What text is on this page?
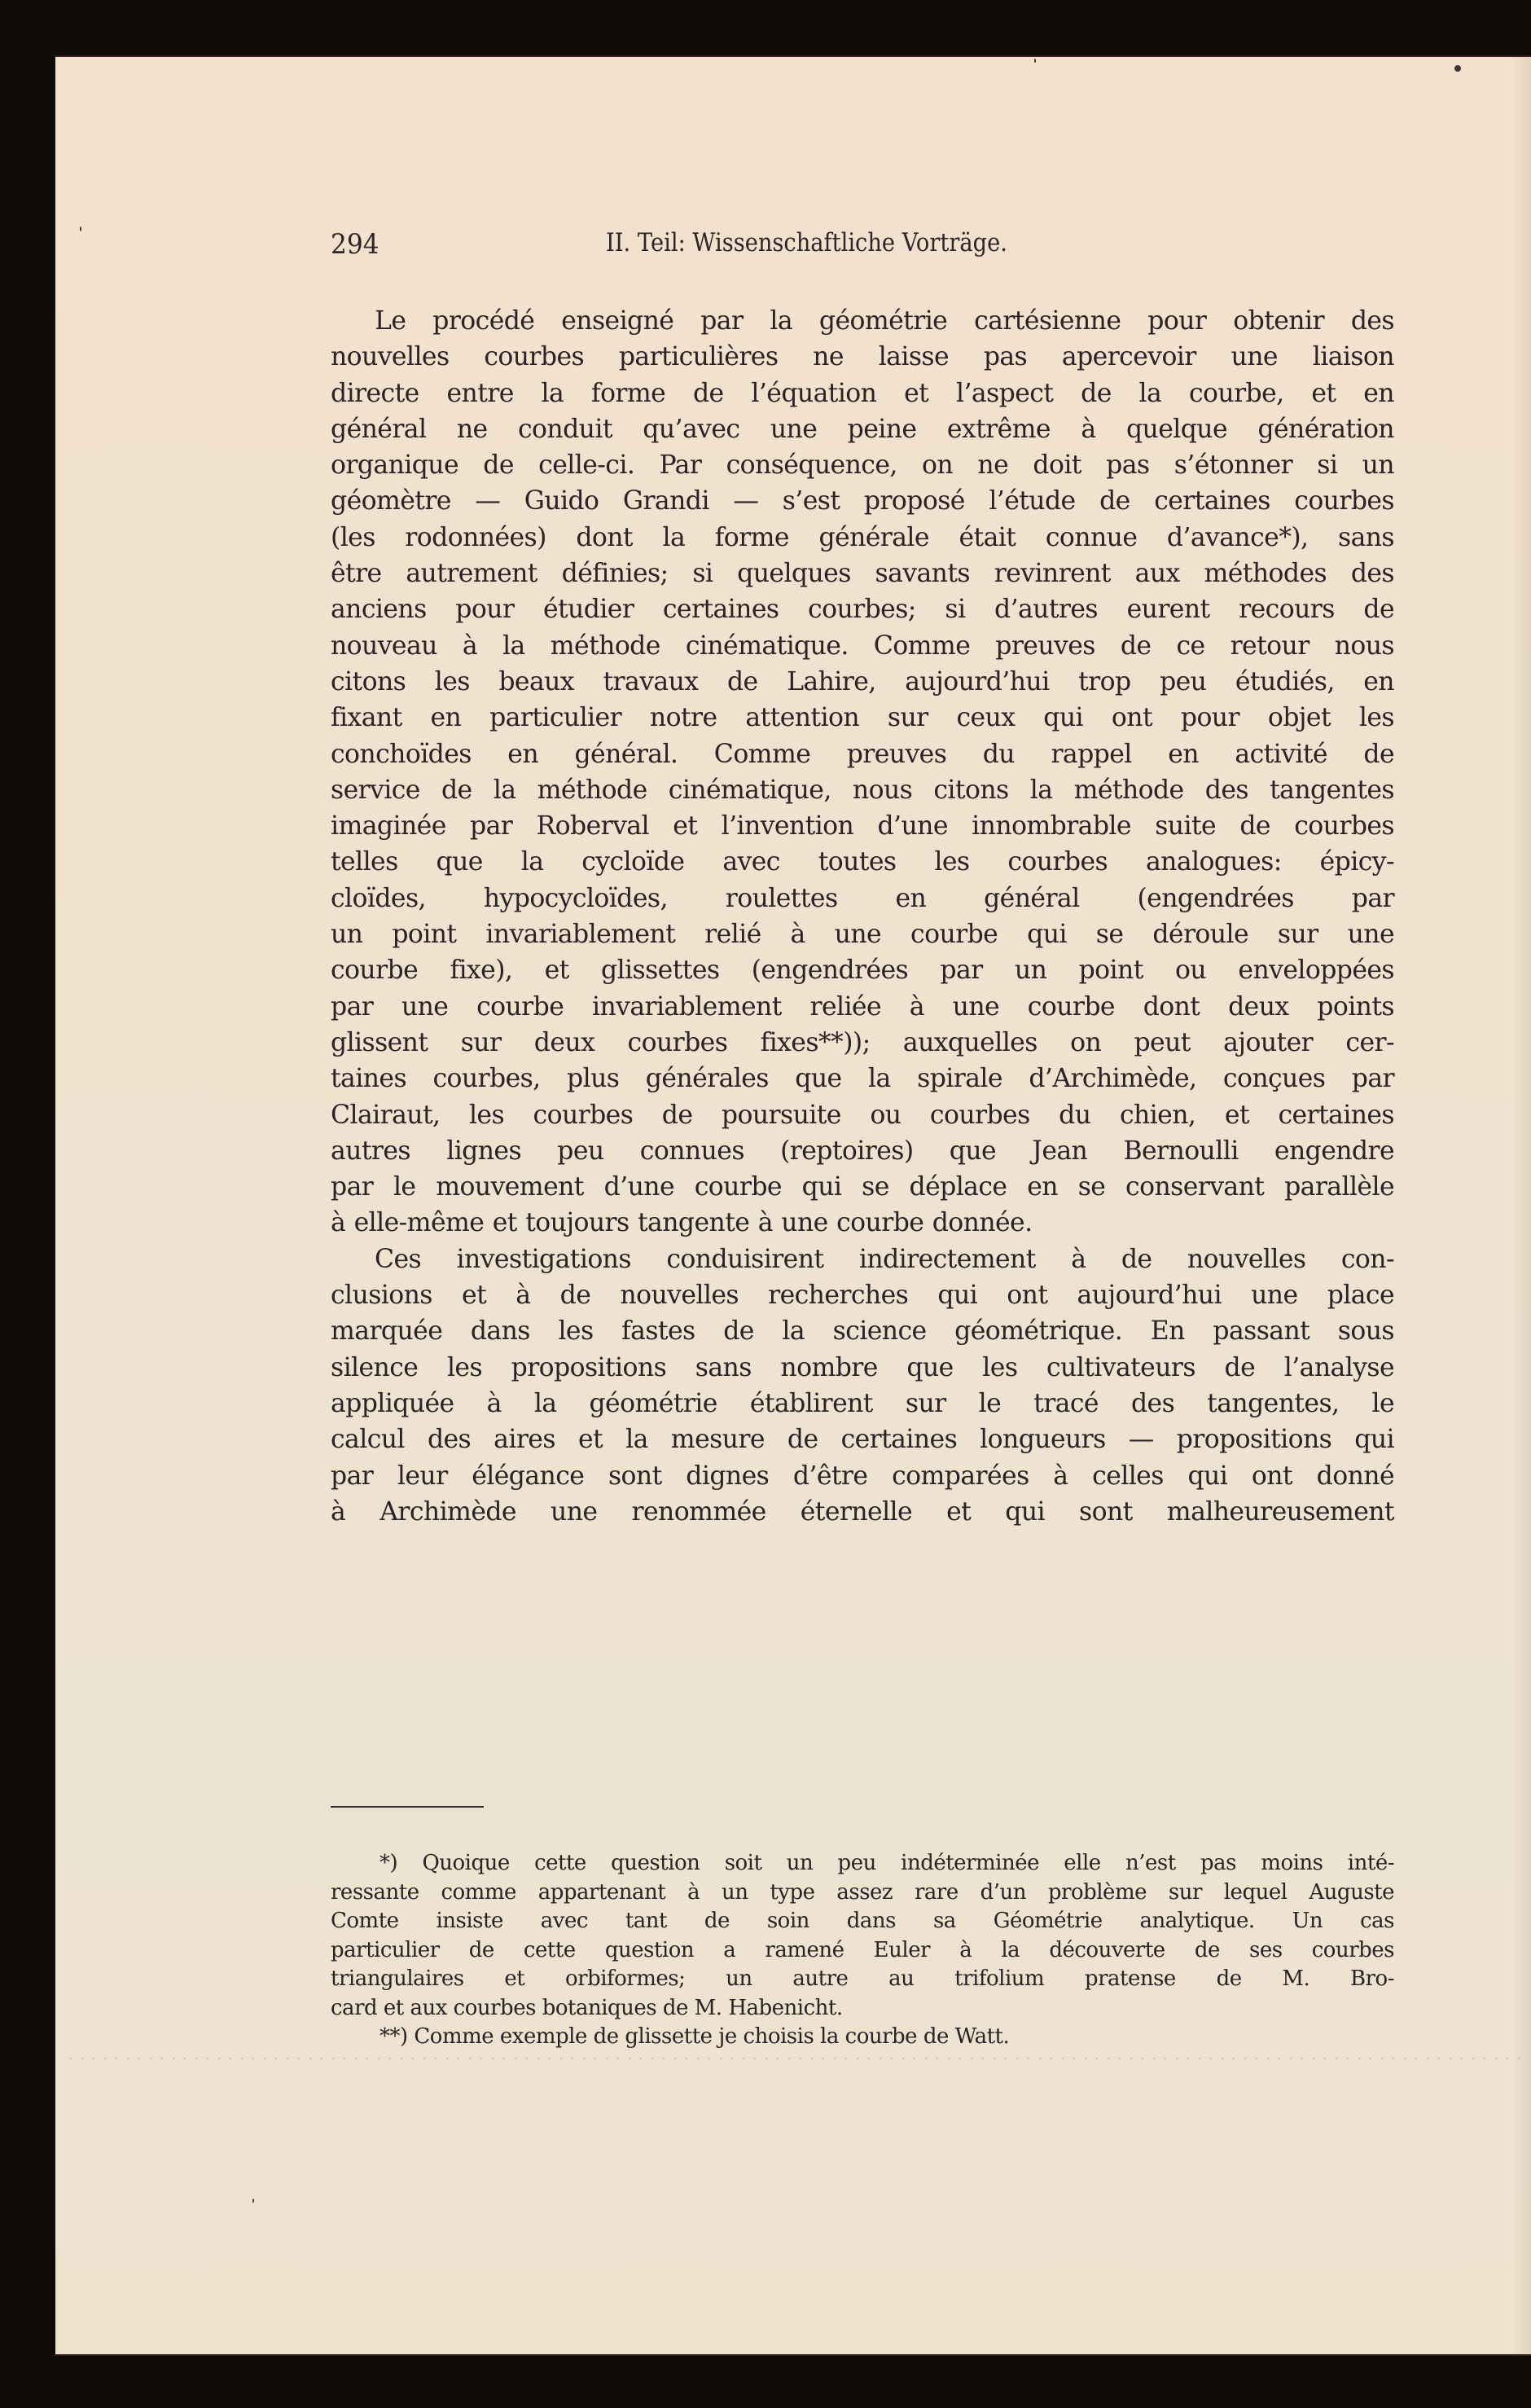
294	II. Teil: Wissenschaftliche Vorträge.
Le procédé enseigné par la géométrie cartésienne pour obtenir des
nouvelles courbes particulières ne laisse pas apercevoir une liaison
directe entre la forme de l’équation et l’aspect de la courbe, et en
général ne conduit qu’avec une peine extrême à quelque génération
organique de celle-ci. Par conséquence, on ne doit pas s’étonner si un
géomètre — Guido Grandi — s’est proposé l’étude de certaines courbes
(les rodonnées) dont la forme générale était connue d’avance*), sans
être autrement définies; si quelques savants revinrent aux méthodes des
anciens pour étudier certaines courbes; si d’autres eurent recours de
nouveau à la méthode cinématique. Comme preuves de ce retour nous
citons les beaux travaux de Lahire, aujourd’hui trop peu étudiés, en
fixant en particulier notre attention sur ceux qui ont pour objet les
conchoïdes en général. Comme preuves du rappel en activité de
service de la méthode cinématique, nous citons la méthode des tangentes
imaginée par Roberval et l’invention d’une innombrable suite de courbes
telles que la cycloïde avec toutes les courbes analogues: épicy-
cloïdes, hypocycloïdes, roulettes en général (engendrées par
un point invariablement relié à une courbe qui se déroule sur une
courbe fixe), et glissettes (engendrées par un point ou enveloppées
par une courbe invariablement reliée à une courbe dont deux points
glissent sur deux courbes fixes**)); auxquelles on peut ajouter cer-
taines courbes, plus générales que la spirale d’Archimède, conçues par
Clairaut, les courbes de poursuite ou courbes du chien, et certaines
autres lignes peu connues (reptoires) que Jean Bernoulli engendre
par le mouvement d’une courbe qui se déplace en se conservant parallèle
à elle-même et toujours tangente à une courbe donnée.
Ces investigations conduisirent indirectement à de nouvelles con-
clusions et à de nouvelles recherches qui ont aujourd’hui une place
marquée dans les fastes de la science géométrique. En passant sous
silence les propositions sans nombre que les cultivateurs de l’analyse
appliquée à la géométrie établirent sur le tracé des tangentes, le
calcul des aires et la mesure de certaines longueurs — propositions qui
par leur élégance sont dignes d’être comparées à celles qui ont donné
à Archimède une renommée éternelle et qui sont malheureusement
*) Quoique cette question soit un peu indéterminée elle n’est pas moins inté-
ressante comme appartenant à un type assez rare d’un problème sur lequel Auguste
Comte insiste avec tant de soin dans sa Géométrie analytique. Un cas
particulier de cette question a ramené Euler à la découverte de ses courbes
triangulaires et orbiformes; un autre au trifolium pratense de M. Bro-
card et aux courbes botaniques de M. Habenicht.
**) Comme exemple de glissette je choisis la courbe de Watt.
